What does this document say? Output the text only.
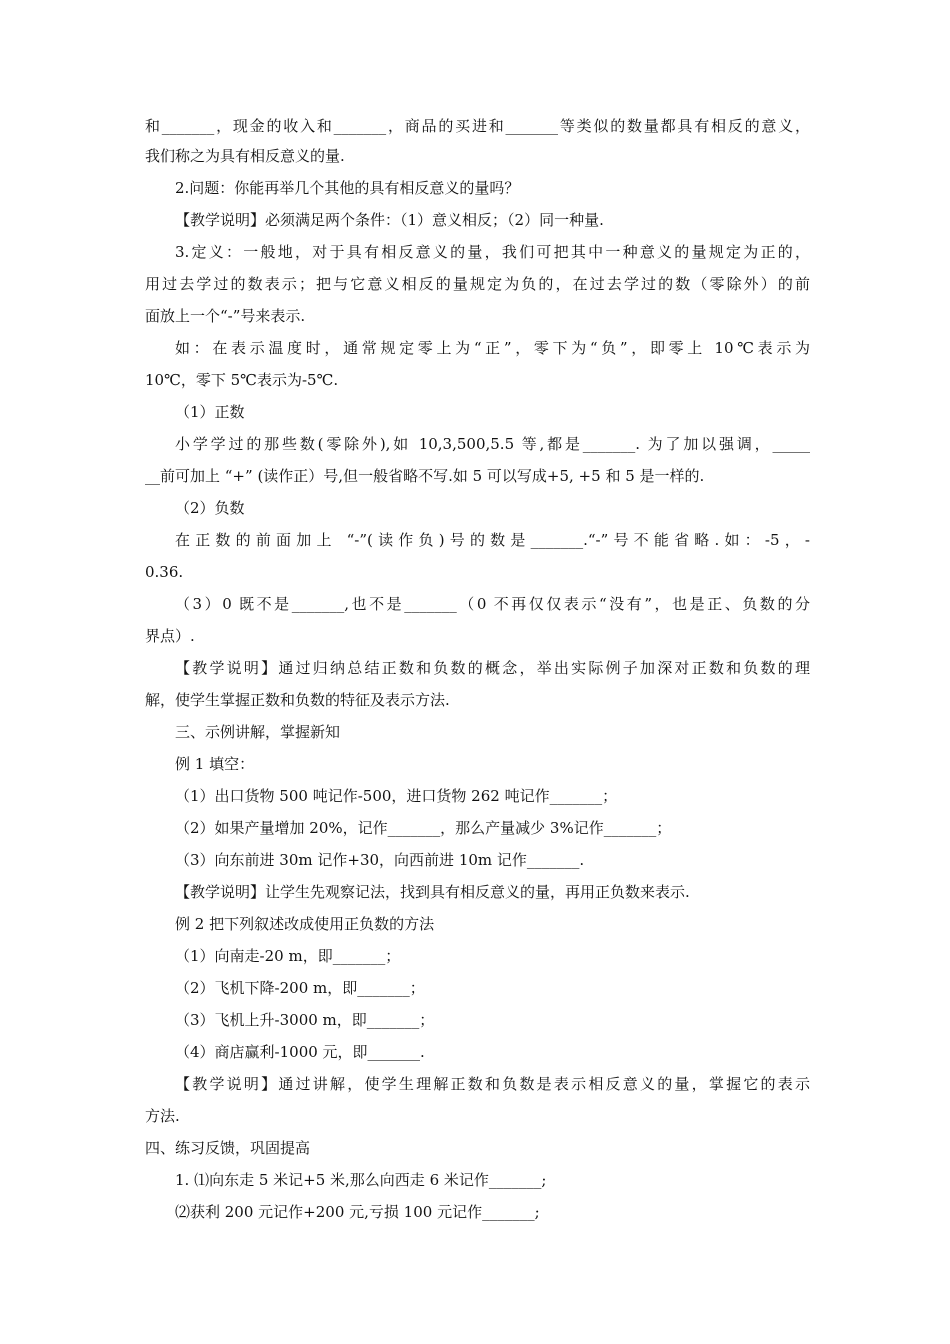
和_______，现金的收入和_______，商品的买进和_______等类似的数量都具有相反的意义，
我们称之为具有相反意义的量.
2.问题：你能再举几个其他的具有相反意义的量吗？
【教学说明】必须满足两个条件：（1）意义相反；（2）同一种量.
3.定义：一般地，对于具有相反意义的量，我们可把其中一种意义的量规定为正的，
用过去学过的数表示；把与它意义相反的量规定为负的，在过去学过的数（零除外）的前
面放上一个“-”号来表示.
如：在表示温度时，通常规定零上为“正”，零下为“负”，即零上 10℃表示为
10℃，零下 5℃表示为-5℃.
（1）正数
小学学过的那些数(零除外),如 10,3,500,5.5 等,都是_______. 为了加以强调，_____
__前可加上 “+” (读作正）号,但一般省略不写.如 5 可以写成+5, +5 和 5 是一样的.
（2）负数
在正数的前面加上 “-”(读作负)号的数是_______.“-”号不能省略.如：-5，-
0.36.
（3）0 既不是_______,也不是_______（0 不再仅仅表示“没有”，也是正、负数的分
界点）.
【教学说明】通过归纳总结正数和负数的概念，举出实际例子加深对正数和负数的理
解，使学生掌握正数和负数的特征及表示方法.
三、示例讲解，掌握新知
例 1 填空：
（1）出口货物 500 吨记作-500，进口货物 262 吨记作_______；
（2）如果产量增加 20%，记作_______，那么产量减少 3%记作_______；
（3）向东前进 30m 记作+30，向西前进 10m 记作_______.
【教学说明】让学生先观察记法，找到具有相反意义的量，再用正负数来表示.
例 2 把下列叙述改成使用正负数的方法
（1）向南走-20 m，即_______；
（2）飞机下降-200 m，即_______；
（3）飞机上升-3000 m，即_______；
（4）商店赢利-1000 元，即_______.
【教学说明】通过讲解，使学生理解正数和负数是表示相反意义的量，掌握它的表示
方法.
四、练习反馈，巩固提高
1. ⑴向东走 5 米记+5 米,那么向西走 6 米记作_______;
⑵获利 200 元记作+200 元,亏损 100 元记作_______;
